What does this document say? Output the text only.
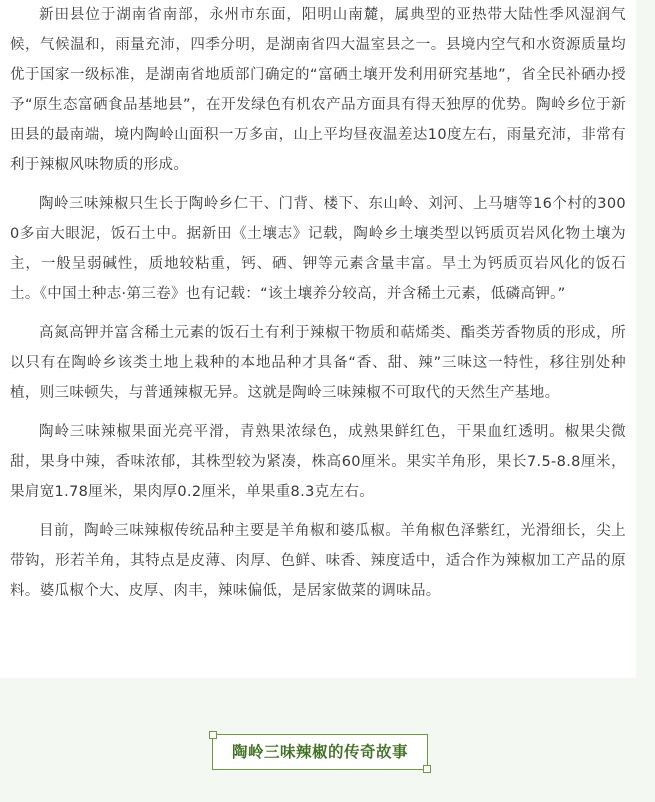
新田县位于湖南省南部，永州市东面，阳明山南麓，属典型的亚热带大陆性季风湿润气候，气候温和，雨量充沛，四季分明，是湖南省四大温室县之一。县境内空气和水资源质量均优于国家一级标准，是湖南省地质部门确定的“富硒土壤开发利用研究基地”，省全民补硒办授予“原生态富硒食品基地县”，在开发绿色有机农产品方面具有得天独厚的优势。陶岭乡位于新田县的最南端，境内陶岭山面积一万多亩，山上平均昼夜温差达10度左右，雨量充沛，非常有利于辣椒风味物质的形成。

陶岭三味辣椒只生长于陶岭乡仁干、门背、楼下、东山岭、刘河、上马塘等16个村的3000多亩大眼泥，饭石土中。据新田《土壤志》记载，陶岭乡土壤类型以钙质页岩风化物土壤为主，一般呈弱碱性，质地较粘重，钙、硒、钾等元素含量丰富。旱土为钙质页岩风化的饭石土。《中国土种志·第三卷》也有记载：“该土壤养分较高，并含稀土元素，低磷高钾。”

高氮高钾并富含稀土元素的饭石土有利于辣椒干物质和萜烯类、酯类芳香物质的形成，所以只有在陶岭乡该类土地上栽种的本地品种才具备“香、甜、辣”三味这一特性，移往别处种植，则三味顿失，与普通辣椒无异。这就是陶岭三味辣椒不可取代的天然生产基地。

陶岭三味辣椒果面光亮平滑，青熟果浓绿色，成熟果鲜红色，干果血红透明。椒果尖微甜，果身中辣，香味浓郁，其株型较为紧凑，株高60厘米。果实羊角形，果长7.5-8.8厘米，果肩宽1.78厘米，果肉厚0.2厘米，单果重8.3克左右。

目前，陶岭三味辣椒传统品种主要是羊角椒和婆瓜椒。羊角椒色泽紫红，光滑细长，尖上带钩，形若羊角，其特点是皮薄、肉厚、色鲜、味香、辣度适中，适合作为辣椒加工产品的原料。婆瓜椒个大、皮厚、肉丰，辣味偏低，是居家做菜的调味品。

陶岭三味辣椒的传奇故事
